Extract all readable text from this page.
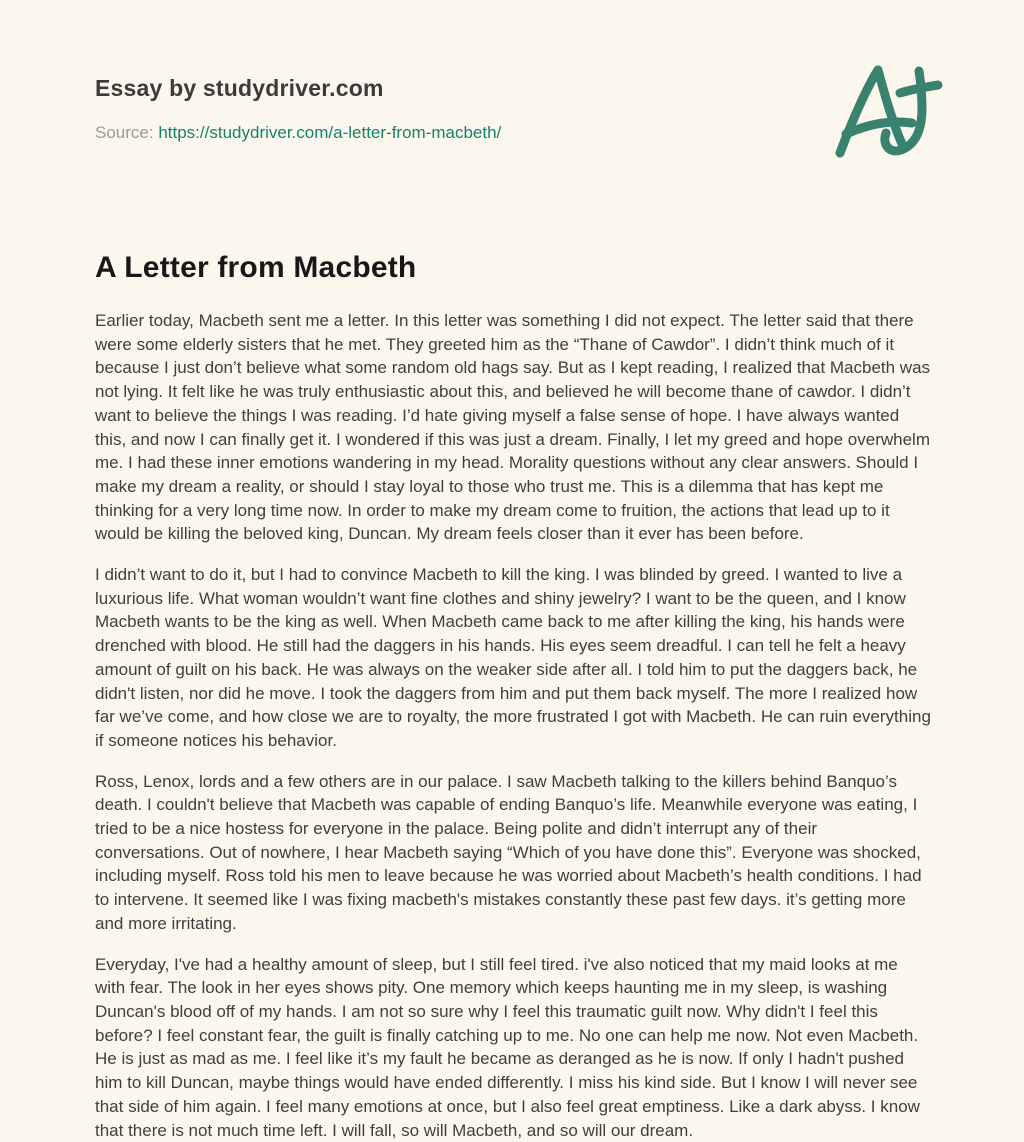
Essay by studydriver.com
Source: https://studydriver.com/a-letter-from-macbeth/
A Letter from Macbeth

Earlier today, Macbeth sent me a letter. In this letter was something I did not expect. The letter said that there were some elderly sisters that he met. They greeted him as the “Thane of Cawdor”. I didn’t think much of it because I just don’t believe what some random old hags say. But as I kept reading, I realized that Macbeth was not lying. It felt like he was truly enthusiastic about this, and believed he will become thane of cawdor. I didn’t want to believe the things I was reading. I’d hate giving myself a false sense of hope. I have always wanted this, and now I can finally get it. I wondered if this was just a dream. Finally, I let my greed and hope overwhelm me. I had these inner emotions wandering in my head. Morality questions without any clear answers. Should I make my dream a reality, or should I stay loyal to those who trust me. This is a dilemma that has kept me thinking for a very long time now. In order to make my dream come to fruition, the actions that lead up to it would be killing the beloved king, Duncan. My dream feels closer than it ever has been before.

I didn’t want to do it, but I had to convince Macbeth to kill the king. I was blinded by greed. I wanted to live a luxurious life. What woman wouldn’t want fine clothes and shiny jewelry? I want to be the queen, and I know Macbeth wants to be the king as well. When Macbeth came back to me after killing the king, his hands were drenched with blood. He still had the daggers in his hands. His eyes seem dreadful. I can tell he felt a heavy amount of guilt on his back. He was always on the weaker side after all. I told him to put the daggers back, he didn't listen, nor did he move. I took the daggers from him and put them back myself. The more I realized how far we’ve come, and how close we are to royalty, the more frustrated I got with Macbeth. He can ruin everything if someone notices his behavior.

Ross, Lenox, lords and a few others are in our palace. I saw Macbeth talking to the killers behind Banquo’s death. I couldn't believe that Macbeth was capable of ending Banquo’s life. Meanwhile everyone was eating, I tried to be a nice hostess for everyone in the palace. Being polite and didn’t interrupt any of their conversations. Out of nowhere, I hear Macbeth saying “Which of you have done this”. Everyone was shocked, including myself. Ross told his men to leave because he was worried about Macbeth’s health conditions. I had to intervene. It seemed like I was fixing macbeth's mistakes constantly these past few days. it’s getting more and more irritating.

Everyday, I've had a healthy amount of sleep, but I still feel tired. i've also noticed that my maid looks at me with fear. The look in her eyes shows pity. One memory which keeps haunting me in my sleep, is washing Duncan's blood off of my hands. I am not so sure why I feel this traumatic guilt now. Why didn't I feel this before? I feel constant fear, the guilt is finally catching up to me. No one can help me now. Not even Macbeth. He is just as mad as me. I feel like it’s my fault he became as deranged as he is now. If only I hadn't pushed him to kill Duncan, maybe things would have ended differently. I miss his kind side. But I know I will never see that side of him again. I feel many emotions at once, but I also feel great emptiness. Like a dark abyss. I know that there is not much time left. I will fall, so will Macbeth, and so will our dream.
